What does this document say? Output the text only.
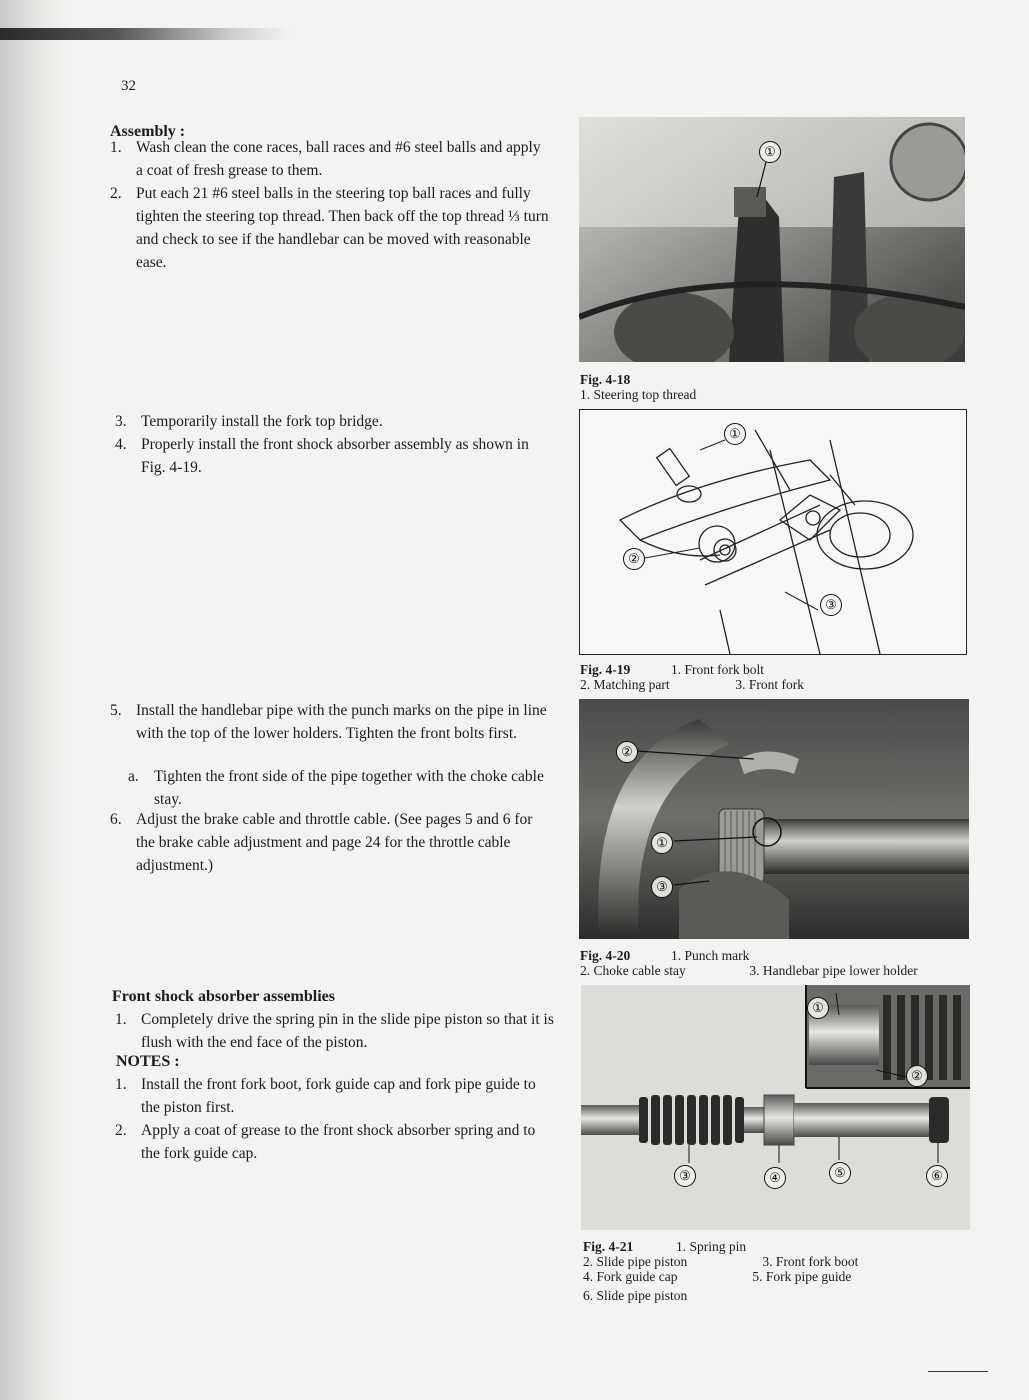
32
Assembly :
1. Wash clean the cone races, ball races and #6 steel balls and apply a coat of fresh grease to them.
2. Put each 21 #6 steel balls in the steering top ball races and fully tighten the steering top thread. Then back off the top thread ⅓ turn and check to see if the handlebar can be moved with reasonable ease.
3. Temporarily install the fork top bridge.
4. Properly install the front shock absorber assembly as shown in Fig. 4-19.
5. Install the handlebar pipe with the punch marks on the pipe in line with the top of the lower holders. Tighten the front bolts first.
a. Tighten the front side of the pipe together with the choke cable stay.
6. Adjust the brake cable and throttle cable. (See pages 5 and 6 for the brake cable adjustment and page 24 for the throttle cable adjustment.)
Front shock absorber assemblies
1. Completely drive the spring pin in the slide pipe piston so that it is flush with the end face of the piston.
NOTES :
1. Install the front fork boot, fork guide cap and fork pipe guide to the piston first.
2. Apply a coat of grease to the front shock absorber spring and to the fork guide cap.
①
Fig. 4-18
1. Steering top thread
①
②
③
Fig. 4-19	1. Front fork bolt
2. Matching part	3. Front fork
②
①
③
Fig. 4-20	1. Punch mark
2. Choke cable stay	3. Handlebar pipe lower holder
①
②
③	④	⑤	⑥
Fig. 4-21	1. Spring pin
2. Slide pipe piston	3. Front fork boot
4. Fork guide cap	5. Fork pipe guide
6. Slide pipe piston
